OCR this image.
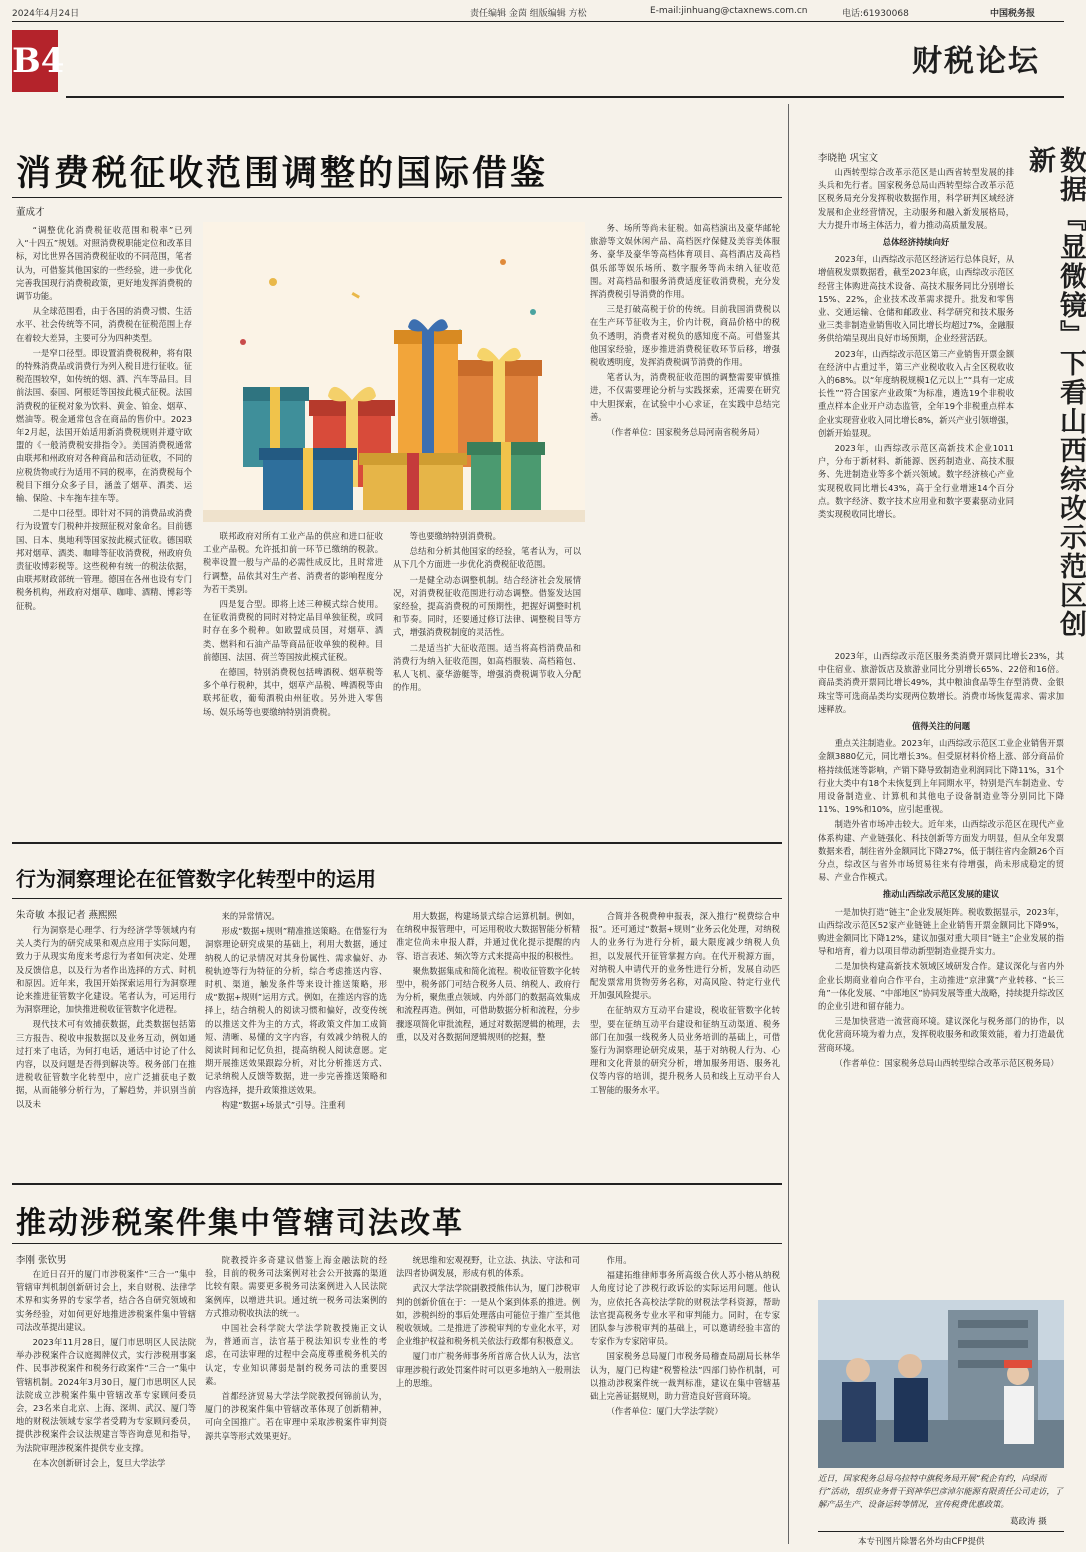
2024年4月24日	责任编辑 金茵 组版编辑 方松	E-mail:jinhuang@ctaxnews.com.cn	电话:61930068	中国税务报
B4	财税论坛
消费税征收范围调整的国际借鉴
董成才

“调整优化消费税征收范围和税率”已列入“十四五”规划。对照消费税职能定位和改革目标，对比世界各国消费税征收的不同范围，笔者认为，可借鉴其他国家的一些经验，进一步优化完善我国现行消费税政策，更好地发挥消费税的调节功能。

从全球范围看，由于各国的消费习惯、生活水平、社会传统等不同，消费税在征税范围上存在着较大差异，主要可分为四种类型。

一是窄口径型。即设置消费税税种，将有限的特殊消费品或消费行为列入税目进行征收。征税范围较窄，如传统的烟、酒、汽车等品目。目前法国、泰国、阿根廷等国按此模式征税。法国消费税的征税对象为饮料、黄金、铂金、烟草、燃油等。税金通常包含在商品的售价中。2023年2月起，法国开始适用新消费税规则并遵守欧盟的《一般消费税安排指令》。美国消费税通常由联邦和州政府对各种商品和活动征收，不同的应税货物或行为适用不同的税率，在消费税每个税目下细分众多子目，涵盖了烟草、酒类、运输、保险、卡车拖车挂车等。

二是中口径型。即针对不同的消费品或消费行为设置专门税种并按照征税对象命名。目前德国、日本、奥地利等国家按此模式征收。德国联邦对烟草、酒类、咖啡等征收消费税，州政府负责征收博彩税等。这些税种有统一的税法依据，由联邦财政部统一管理。德国在各州也设有专门税务机构，州政府对烟草、咖啡、酒精、博彩等征税。

联邦政府对所有工业产品的供应和进口征收工业产品税。允许抵扣前一环节已缴纳的税款。税率设置一般与产品的必需性成反比，且时常进行调整，品依其对生产者、消费者的影响程度分为若干类别。

四是复合型。即将上述三种模式综合使用。在征收消费税的同时对特定品目单独征税，或同时存在多个税种。如欧盟成员国，对烟草、酒类、燃料和石油产品等商品征收单独的税种。目前德国、法国、荷兰等国按此模式征税。

在德国，特别消费税包括啤酒税、烟草税等多个单行税种，其中，烟草产品税、啤酒税等由联邦征收，葡萄酒税由州征收。另外进入零售场、娱乐场等也要缴纳特别消费税。

等也要缴纳特别消费税。

总结和分析其他国家的经验，笔者认为，可以从下几个方面进一步优化消费税征收范围。

一是健全动态调整机制。结合经济社会发展情况，对消费税征收范围进行动态调整。借鉴发达国家经验，提高消费税的可预期性，把握好调整时机和节奏。同时，还要通过修订法律、调整税目等方式，增强消费税制度的灵活性。

二是适当扩大征收范围。适当将高档消费品和消费行为纳入征收范围，如高档服装、高档箱包、私人飞机、豪华游艇等，增强消费税调节收入分配的作用。

务、场所等尚未征税。如高档演出及豪华邮轮旅游等文娱休闲产品、高档医疗保健及美容美体服务、豪华及豪华等高档体育项目、高档酒店及高档俱乐部等娱乐场所、数字服务等尚未纳入征收范围。对高档品和服务消费适度征收消费税，充分发挥消费税引导消费的作用。

三是打破高税于价的传统。目前我国消费税以在生产环节征收为主，价内计税，商品价格中的税负不透明，消费者对税负的感知度不高。可借鉴其他国家经验，逐步推进消费税征收环节后移，增强税收透明度，发挥消费税调节消费的作用。

笔者认为，消费税征收范围的调整需要审慎推进，不仅需要理论分析与实践探索，还需要在研究中大胆探索，在试验中小心求证，在实践中总结完善。

（作者单位：国家税务总局河南省税务局）

行为洞察理论在征管数字化转型中的运用
朱奇敏 本报记者 燕熙熙

行为洞察是心理学、行为经济学等领域内有关人类行为的研究成果和观点应用于实际问题，致力于从现实角度来考虑行为者如何决定、处理及反馈信息，以及行为者作出选择的方式、时机和原因。近年来，我国开始探索运用行为洞察理论来推进征管数字化建设。笔者认为，可运用行为洞察理论，加快推进税收征管数字化进程。

现代技术可有效捕获数据，此类数据包括第三方报告、税收申报数据以及业务互动，例如通过打来了电话，为何打电话，通话中讨论了什么内容，以及问题是否得到解决等。税务部门在推进税收征管数字化转型中，应广泛捕获电子数据，从而能够分析行为，了解趋势，并识别当前以及未

来的异常情况。

形成“数据+规则”精准推送策略。在借鉴行为洞察理论研究成果的基础上，利用大数据，通过纳税人的记录情况对其身份属性、需求偏好、办税轨迹等行为特征的分析，综合考虑推送内容、时机、渠道，触发条件等来设计推送策略，形成“数据+规则”运用方式。例如，在推送内容的选择上，结合纳税人的阅读习惯和偏好，改变传统的以推送文件为主的方式，将政策文件加工成简短、清晰、易懂的文字内容，有效减少纳税人的阅读时间和记忆负担，提高纳税人阅读意愿。定期开展推送效果跟踪分析，对比分析推送方式、记录纳税人反馈等数据，进一步完善推送策略和内容选择，提升政策推送效果。

构建“数据+场景式”引导。注重利

用大数据，构建场景式综合运算机制。例如，在纳税申报管理中，可运用税收大数据智能分析精准定位尚未申报人群，并通过优化提示提醒的内容、语言表述、频次等方式来提高申报的积极性。

聚焦数据集成和简化流程。税收征管数字化转型中，税务部门可结合税务人员、纳税人、政府行为分析，聚焦重点领域、内外部门的数据高效集成和流程再造。例如，可借助数据分析和流程，分步骤逐项简化审批流程，通过对数据逻辑的梳理，去重，以及对各数据间逻辑规则的挖掘，整

合简并各税费种申报表，深入推行“税费综合申报”。还可通过“数据+规则”业务云化处理，对纳税人的业务行为进行分析，最大限度减少纳税人负担，以发展代开征管掌握方向。在代开税源方面，对纳税人申请代开的业务性进行分析，发展自动匹配发票常用货物劳务名称，对高风险、特定行业代开加强风险提示。

在征纳双方互动平台建设，税收征管数字化转型，要在征纳互动平台建设和征纳互动渠道、税务部门在加强一线税务人员业务培训的基础上，可借鉴行为洞察理论研究成果，基于对纳税人行为、心理和文化背景的研究分析，增加服务用语、服务礼仪等内容的培训，提升税务人员和线上互动平台人工智能的服务水平。

推动涉税案件集中管辖司法改革
李刚 张钦男

在近日召开的厦门市涉税案件“三合一”集中管辖审判机制创新研讨会上，来自财税、法律学术界和实务界的专家学者，结合各自研究领域和实务经验，对如何更好地推进涉税案件集中管辖司法改革提出建议。

2023年11月28日，厦门市思明区人民法院举办涉税案件合议庭揭牌仪式，实行涉税刑事案件、民事涉税案件和税务行政案件“三合一”集中管辖机制。2024年3月30日，厦门市思明区人民法院成立涉税案件集中管辖改革专家顾问委员会，23名来自北京、上海、深圳、武汉、厦门等地的财税法领域专家学者受聘为专家顾问委员，提供涉税案件会议法规建言等咨询意见和指导，为法院审理涉税案件提供专业支撑。

在本次创新研讨会上，复旦大学法学

院教授许多奇建议借鉴上海金融法院的经验，目前的税务司法案例对社会公开披露的渠道比较有限。需要更多税务司法案例进入人民法院案例库，以增进共识。通过统一税务司法案例的方式推动税收执法的统一。

中国社会科学院大学法学院教授施正文认为，普通而言，法官基于税法知识专业性的考虑，在司法审理的过程中会高度尊重税务机关的认定，专业知识薄弱是制约税务司法的重要因素。

首都经济贸易大学法学院教授何锦前认为，厦门的涉税案件集中管辖改革体现了创新精神，可向全国推广。若在审理中采取涉税案件审判资源共享等形式效果更好。

统思维和宏观视野，让立法、执法、守法和司法四者协调发展，形成有机的体系。

武汉大学法学院副教授熊伟认为，厦门涉税审判的创新价值在于：一是从个案到体系的推进。例如，涉税纠纷的事后处理落由可能位于推广至其他税收领域。二是推进了涉税审判的专业化水平，对企业维护权益和税务机关依法行政都有积极意义。

厦门市广税务师事务所首席合伙人认为，法官审理涉税行政处罚案件时可以更多地纳入一般刑法上的思维。

作用。

福建拓维律师事务所高级合伙人苏小榕从纳税人角度讨论了涉税行政诉讼的实际运用问题。他认为，应依托各高校法学院的财税法学科资源，帮助法官提高税务专业水平和审判能力。同时，在专家团队参与涉税审判的基础上，可以邀请经验丰富的专家作为专家陪审员。

国家税务总局厦门市税务局稽查局副局长林华认为，厦门已构建“税警检法”四部门协作机制，可以推动涉税案件统一裁判标准，建议在集中管辖基础上完善证据规则，助力营造良好营商环境。

（作者单位：厦门大学法学院）

李晓艳 巩宝文	数据『显微镜』下看山西综改示范区创新

山西转型综合改革示范区是山西省转型发展的排头兵和先行者。国家税务总局山西转型综合改革示范区税务局充分发挥税收数据作用，科学研判区域经济发展和企业经营情况，主动服务和融入新发展格局，大力提升市场主体活力，着力推动高质量发展。

总体经济持续向好

2023年，山西综改示范区经济运行总体良好，从增值税发票数据看，截至2023年底，山西综改示范区经营主体购进高技术设备、高技术服务同比分别增长15%、22%，企业技术改革需求提升。批发和零售业、交通运输、仓储和邮政业、科学研究和技术服务业三类非制造业销售收入同比增长均超过7%，金融服务供给端呈现出良好市场预期，企业经营活跃。

2023年，山西综改示范区第三产业销售开票金额在经济中占重过半，第三产业税收收入占全区税收收入的68%。以“年度纳税规模1亿元以上”“具有一定成长性”“符合国家产业政策”为标准，遴选19个非税收重点样本企业开户动态监管，全年19个非税重点样本企业实现营业收入同比增长8%，新兴产业引领增强，创新开始显现。

2023年，山西综改示范区高新技术企业1011户，分布于新材料、新能源、医药制造业、高技术服务、先进制造业等多个新兴领域。数字经济核心产业实现税收同比增长43%，高于全行业增速14个百分点。数字经济、数字技术应用业和数字要素驱动业同类实现税收同比增长。

2023年，山西综改示范区服务类消费开票同比增长23%，其中住宿业、旅游饭店及旅游业同比分别增长65%、22倍和16倍。商品类消费开票同比增长49%，其中粮油食品等生存型消费、金银珠宝等可选商品类均实现两位数增长。消费市场恢复需求、需求加速释放。

值得关注的问题

重点关注制造业。2023年，山西综改示范区工业企业销售开票金额3880亿元，同比增长3%。但受原材料价格上涨、部分商品价格持续低迷等影响，产销下降导致制造业利润同比下降11%，31个行业大类中有18个未恢复到上年同期水平，特别是汽车制造业、专用设备制造业、计算机和其他电子设备制造业等分别同比下降11%、19%和10%，应引起重视。

制造外省市场冲击较大。近年来，山西综改示范区在现代产业体系构建、产业链强化、科技创新等方面发力明显，但从全年发票数据来看，制往省外金额同比下降27%，低于制往省内金额26个百分点，综改区与省外市场贸易往来有待增强，尚未形成稳定的贸易、产业合作模式。

推动山西综改示范区发展的建议

一是加快打造“链主”企业发展矩阵。税收数据显示，2023年，山西综改示范区52家产业链链上企业销售开票金额同比下降9%，购进金额同比下降12%，建议加强对重大项目“链主”企业发展的指导和培育，着力以项目带动新型制造业提升实力。

二是加快构建高新技术领域区域研发合作。建议深化与省内外企业长期商业着向合作平台，主动推进“京津冀”产业转移、“长三角”一体化发展、“中部地区”协同发展等重大战略，持续提升综改区的企业引进和留存能力。

三是加快营造一流营商环境。建议深化与税务部门的协作，以优化营商环境为着力点，发挥税收服务和政策效能，着力打造最优营商环境。

（作者单位：国家税务总局山西转型综合改革示范区税务局）

近日，国家税务总局乌拉特中旗税务局开展“税企有约，向绿而行”活动，组织业务骨干到神华巴彦淖尔能源有限责任公司走访，了解产品生产、设备运转等情况，宣传税费优惠政策。
葛政涛 摄
本专刊图片除署名外均由CFP提供
